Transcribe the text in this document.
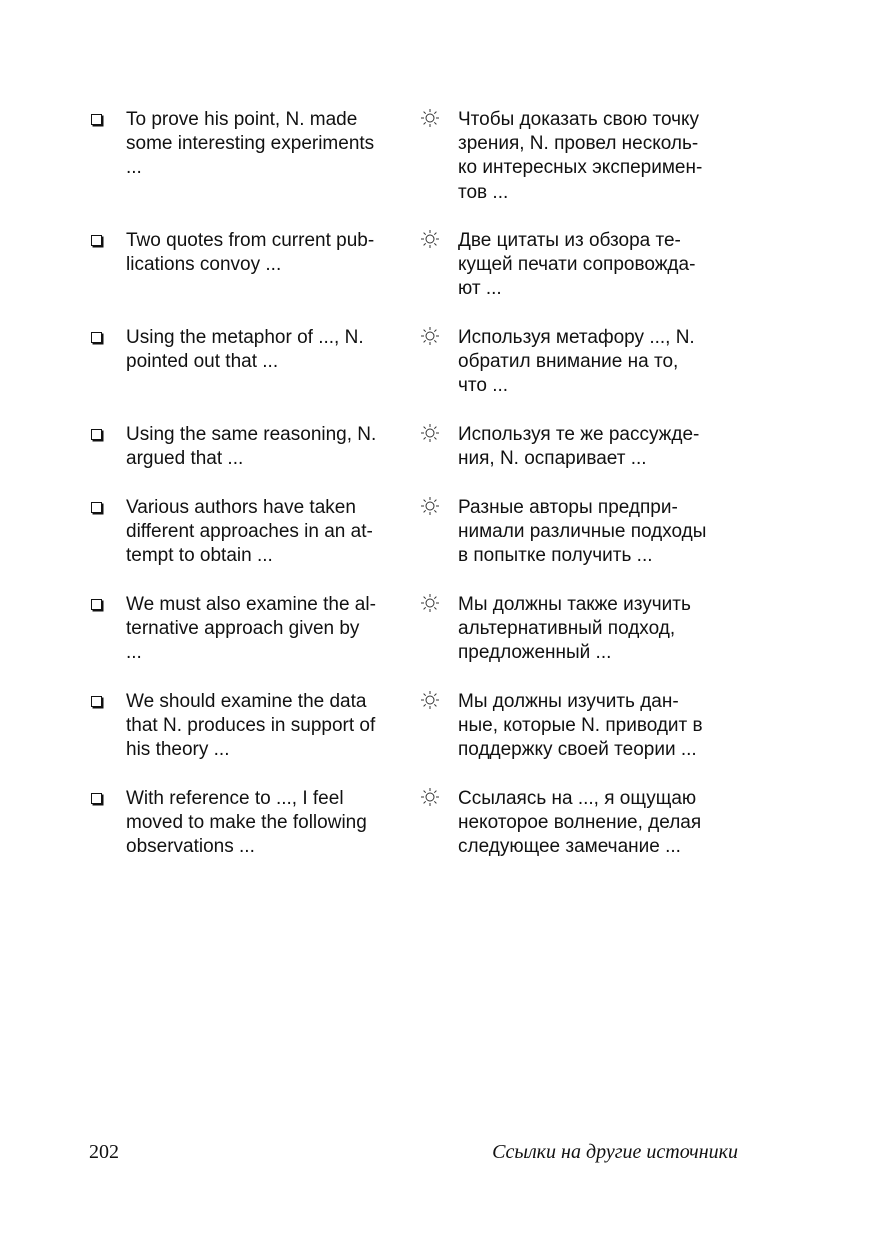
To prove his point, N. made
some interesting experiments
...
Чтобы доказать свою точку
зрения, N. провел несколь-
ко интересных эксперимен-
тов ...
Two quotes from current pub-
lications convoy ...
Две цитаты из обзора те-
кущей печати сопровожда-
ют ...
Using the metaphor of ..., N.
pointed out that ...
Используя метафору ..., N.
обратил внимание на то,
что ...
Using the same reasoning, N.
argued that ...
Используя те же рассужде-
ния, N. оспаривает ...
Various authors have taken
different approaches in an at-
tempt to obtain ...
Разные авторы предпри-
нимали различные подходы
в попытке получить ...
We must also examine the al-
ternative approach given by
...
Мы должны также изучить
альтернативный подход,
предложенный ...
We should examine the data
that N. produces in support of
his theory ...
Мы должны изучить дан-
ные, которые N. приводит в
поддержку своей теории ...
With reference to ..., I feel
moved to make the following
observations ...
Ссылаясь на ..., я ощущаю
некоторое волнение, делая
следующее замечание ...
202	Ссылки на другие источники
